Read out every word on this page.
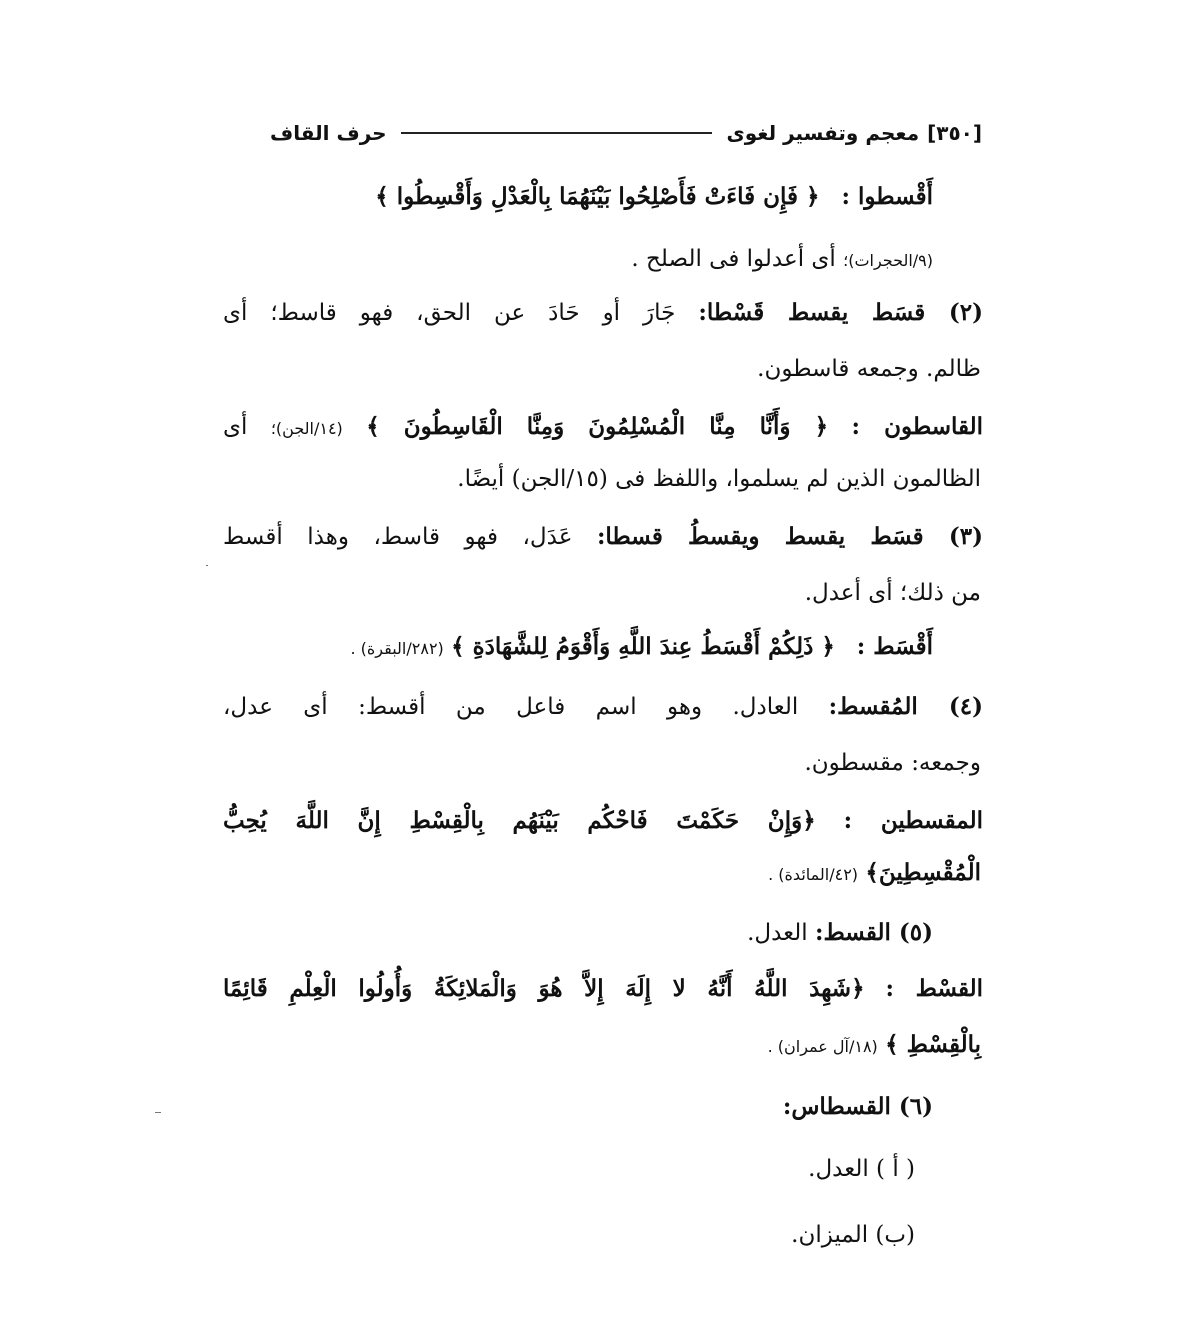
[٣٥٠]
معجم وتفسير لغوى
حرف القاف
أَقْسطوا :   ﴿ فَإِن فَاءَتْ فَأَصْلِحُوا بَيْنَهُمَا بِالْعَدْلِ وَأَقْسِطُوا ﴾
(٩/الحجرات)؛ أى أعدلوا فى الصلح .
(٢) قسَط يقسط قَسْطا: جَارَ أو حَادَ عن الحق، فهو قاسط؛ أى
ظالم. وجمعه قاسطون.
القاسطون : ﴿ وَأَنَّا مِنَّا الْمُسْلِمُونَ وَمِنَّا الْقَاسِطُونَ ﴾ (١٤/الجن)؛ أى
الظالمون الذين لم يسلموا، واللفظ فى (١٥/الجن) أيضًا.
(٣) قسَط يقسط ويقسطُ قسطا: عَدَل، فهو قاسط، وهذا أقسط
من ذلك؛ أى أعدل.
أَقْسَط :   ﴿ ذَلِكُمْ أَقْسَطُ عِندَ اللَّهِ وَأَقْوَمُ لِلشَّهَادَةِ ﴾ (٢٨٢/البقرة) .
(٤) المُقسط: العادل. وهو اسم فاعل من أقسط: أى عدل،
وجمعه: مقسطون.
المقسطين : ﴿وَإِنْ حَكَمْتَ فَاحْكُم بَيْنَهُم بِالْقِسْطِ إِنَّ اللَّهَ يُحِبُّ
الْمُقْسِطِينَ﴾ (٤٢/المائدة) .
(٥) القسط: العدل.
القسْط : ﴿شَهِدَ اللَّهُ أَنَّهُ لا إِلَهَ إِلاَّ هُوَ وَالْمَلائِكَةُ وَأُولُوا الْعِلْمِ قَائِمًا
بِالْقِسْطِ ﴾ (١٨/آل عمران) .
(٦) القسطاس:
( أ ) العدل.
(ب) الميزان.
